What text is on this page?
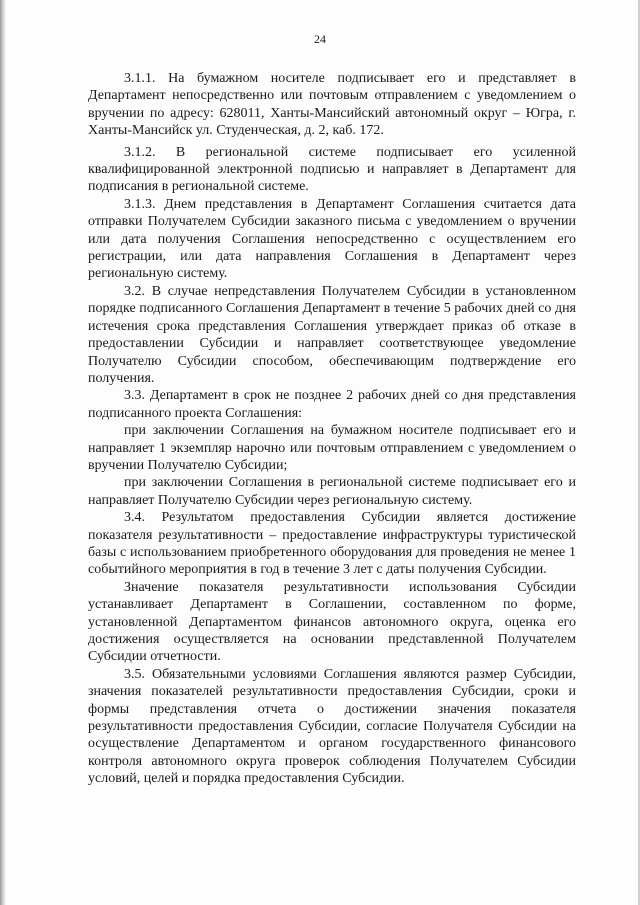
24

3.1.1. На бумажном носителе подписывает его и представляет в Департамент непосредственно или почтовым отправлением с уведомлением о вручении по адресу: 628011, Ханты-Мансийский автономный округ – Югра, г. Ханты-Мансийск ул. Студенческая, д. 2, каб. 172.

3.1.2. В региональной системе подписывает его усиленной квалифицированной электронной подписью и направляет в Департамент для подписания в региональной системе.

3.1.3. Днем представления в Департамент Соглашения считается дата отправки Получателем Субсидии заказного письма с уведомлением о вручении или дата получения Соглашения непосредственно с осуществлением его регистрации, или дата направления Соглашения в Департамент через региональную систему.

3.2. В случае непредставления Получателем Субсидии в установленном порядке подписанного Соглашения Департамент в течение 5 рабочих дней со дня истечения срока представления Соглашения утверждает приказ об отказе в предоставлении Субсидии и направляет соответствующее уведомление Получателю Субсидии способом, обеспечивающим подтверждение его получения.

3.3. Департамент в срок не позднее 2 рабочих дней со дня представления подписанного проекта Соглашения:

при заключении Соглашения на бумажном носителе подписывает его и направляет 1 экземпляр нарочно или почтовым отправлением с уведомлением о вручении Получателю Субсидии;

при заключении Соглашения в региональной системе подписывает его и направляет Получателю Субсидии через региональную систему.

3.4. Результатом предоставления Субсидии является достижение показателя результативности – предоставление инфраструктуры туристической базы с использованием приобретенного оборудования для проведения не менее 1 событийного мероприятия в год в течение 3 лет с даты получения Субсидии.

Значение показателя результативности использования Субсидии устанавливает Департамент в Соглашении, составленном по форме, установленной Департаментом финансов автономного округа, оценка его достижения осуществляется на основании представленной Получателем Субсидии отчетности.

3.5. Обязательными условиями Соглашения являются размер Субсидии, значения показателей результативности предоставления Субсидии, сроки и формы представления отчета о достижении значения показателя результативности предоставления Субсидии, согласие Получателя Субсидии на осуществление Департаментом и органом государственного финансового контроля автономного округа проверок соблюдения Получателем Субсидии условий, целей и порядка предоставления Субсидии.
